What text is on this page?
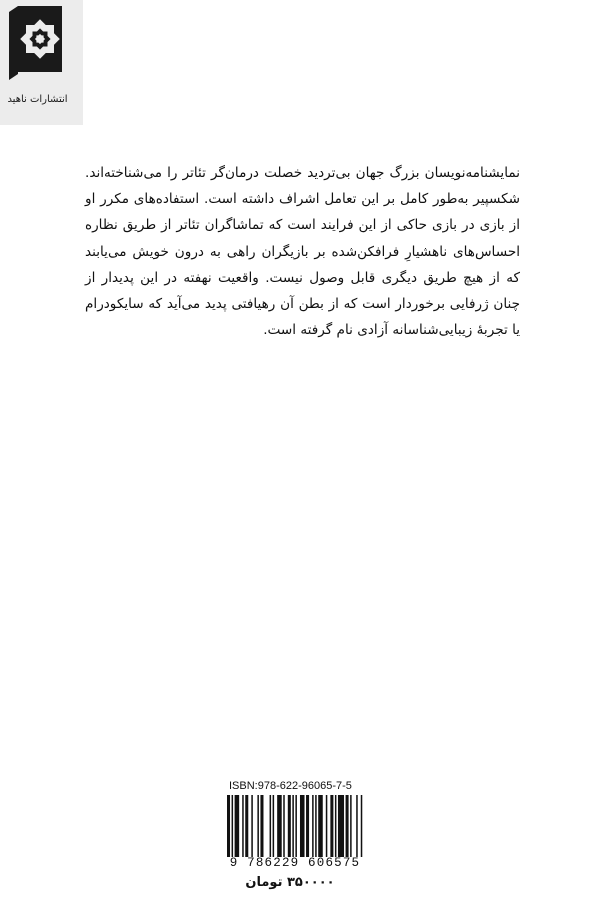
انتشارات ناهید

نمایشنامه‌نویسان بزرگ جهان بی‌تردید خصلت درمان‌گر تئاتر را می‌شناخته‌اند. شکسپیر به‌طور کامل بر این تعامل اشراف داشته است. استفاده‌های مکرر او از بازی در بازی حاکی از این فرایند است که تماشاگران تئاتر از طریق نظاره احساس‌های ناهشیارِ فرافکن‌شده بر بازیگران راهی به درون خویش می‌یابند که از هیچ طریق دیگری قابل وصول نیست. واقعیت نهفته در این پدیدار از چنان ژرفایی برخوردار است که از بطن آن رهیافتی پدید می‌آید که سایکودرام یا تجربهٔ زیبایی‌شناسانه آزادی نام گرفته است.

ISBN:978-622-96065-7-5
9 786229 606575
۳۵۰۰۰۰ تومان
